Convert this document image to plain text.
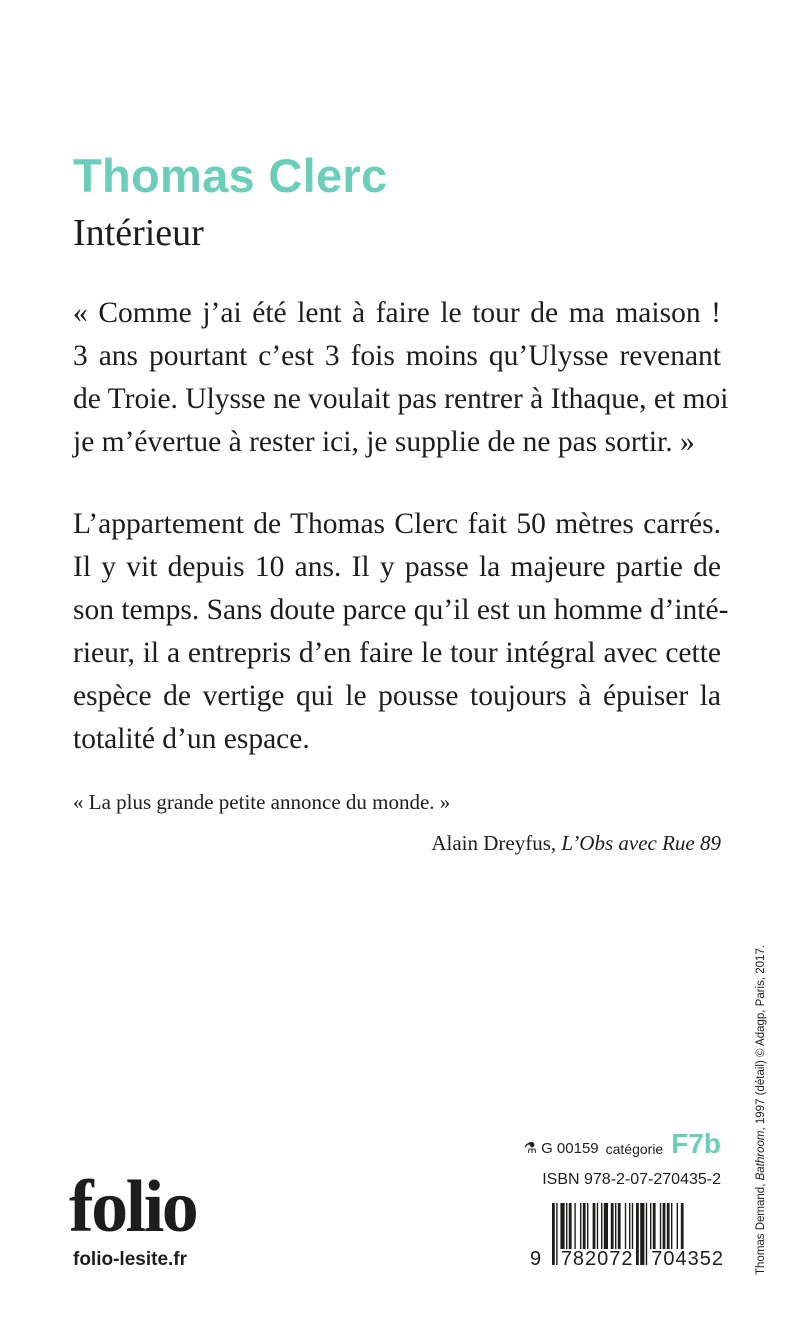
Thomas Clerc
Intérieur

« Comme j’ai été lent à faire le tour de ma maison !
3 ans pourtant c’est 3 fois moins qu’Ulysse revenant
de Troie. Ulysse ne voulait pas rentrer à Ithaque, et moi
je m’évertue à rester ici, je supplie de ne pas sortir. »

L’appartement de Thomas Clerc fait 50 mètres carrés.
Il y vit depuis 10 ans. Il y passe la majeure partie de
son temps. Sans doute parce qu’il est un homme d’inté-
rieur, il a entrepris d’en faire le tour intégral avec cette
espèce de vertige qui le pousse toujours à épuiser la
totalité d’un espace.

« La plus grande petite annonce du monde. »

Alain Dreyfus, L’Obs avec Rue 89

⚗ G 00159 catégorie F7b

ISBN 978-2-07-270435-2

9 782072 704352

folio

folio-lesite.fr	Thomas Demand, Bathroom, 1997 (détail) © Adagp, Paris, 2017.
